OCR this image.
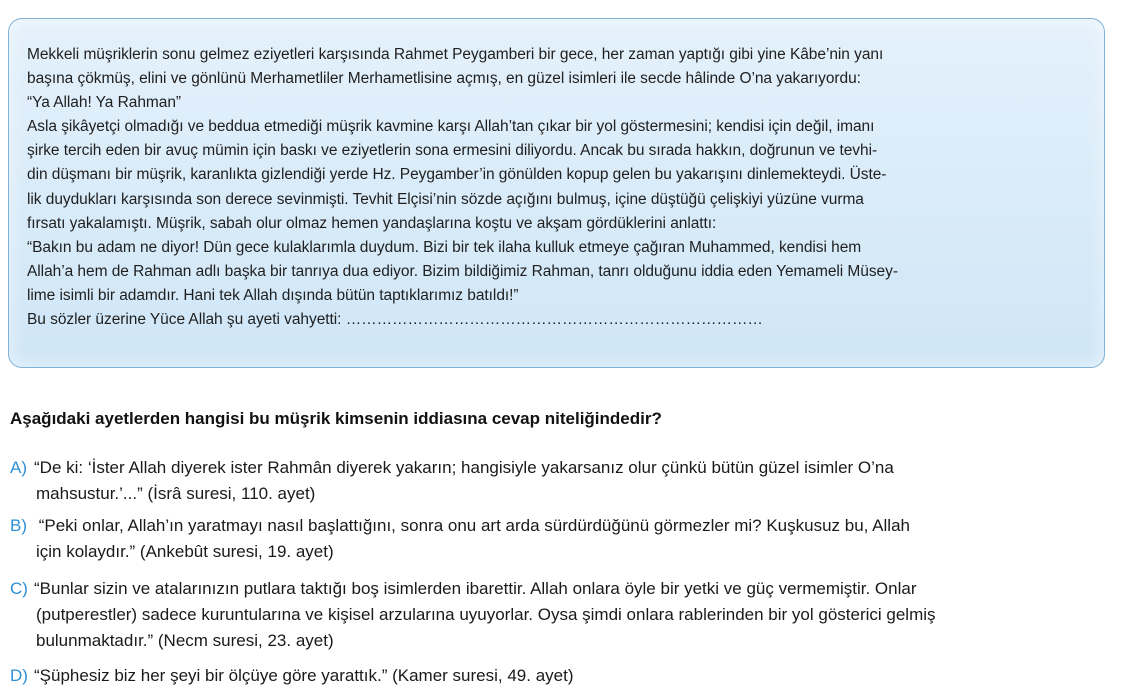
Mekkeli müşriklerin sonu gelmez eziyetleri karşısında Rahmet Peygamberi bir gece, her zaman yaptığı gibi yine Kâbe’nin yanı
başına çökmüş, elini ve gönlünü Merhametliler Merhametlisine açmış, en güzel isimleri ile secde hâlinde O’na yakarıyordu:
“Ya Allah! Ya Rahman”
Asla şikâyetçi olmadığı ve beddua etmediği müşrik kavmine karşı Allah’tan çıkar bir yol göstermesini; kendisi için değil, imanı
şirke tercih eden bir avuç mümin için baskı ve eziyetlerin sona ermesini diliyordu. Ancak bu sırada hakkın, doğrunun ve tevhi-
din düşmanı bir müşrik, karanlıkta gizlendiği yerde Hz. Peygamber’in gönülden kopup gelen bu yakarışını dinlemekteydi. Üste-
lik duydukları karşısında son derece sevinmişti. Tevhit Elçisi’nin sözde açığını bulmuş, içine düştüğü çelişkiyi yüzüne vurma
fırsatı yakalamıştı. Müşrik, sabah olur olmaz hemen yandaşlarına koştu ve akşam gördüklerini anlattı:
“Bakın bu adam ne diyor! Dün gece kulaklarımla duydum. Bizi bir tek ilaha kulluk etmeye çağıran Muhammed, kendisi hem
Allah’a hem de Rahman adlı başka bir tanrıya dua ediyor. Bizim bildiğimiz Rahman, tanrı olduğunu iddia eden Yemameli Müsey-
lime isimli bir adamdır. Hani tek Allah dışında bütün taptıklarımız batıldı!”
Bu sözler üzerine Yüce Allah şu ayeti vahyetti: ………………………………………………………………………
Aşağıdaki ayetlerden hangisi bu müşrik kimsenin iddiasına cevap niteliğindedir?
A) “De ki: ‘İster Allah diyerek ister Rahmân diyerek yakarın; hangisiyle yakarsanız olur çünkü bütün güzel isimler O’na
mahsustur.’...” (İsrâ suresi, 110. ayet)
B) “Peki onlar, Allah’ın yaratmayı nasıl başlattığını, sonra onu art arda sürdürdüğünü görmezler mi? Kuşkusuz bu, Allah
için kolaydır.” (Ankebût suresi, 19. ayet)
C) “Bunlar sizin ve atalarınızın putlara taktığı boş isimlerden ibarettir. Allah onlara öyle bir yetki ve güç vermemiştir. Onlar
(putperestler) sadece kuruntularına ve kişisel arzularına uyuyorlar. Oysa şimdi onlara rablerinden bir yol gösterici gelmiş
bulunmaktadır.” (Necm suresi, 23. ayet)
D) “Şüphesiz biz her şeyi bir ölçüye göre yarattık.” (Kamer suresi, 49. ayet)
